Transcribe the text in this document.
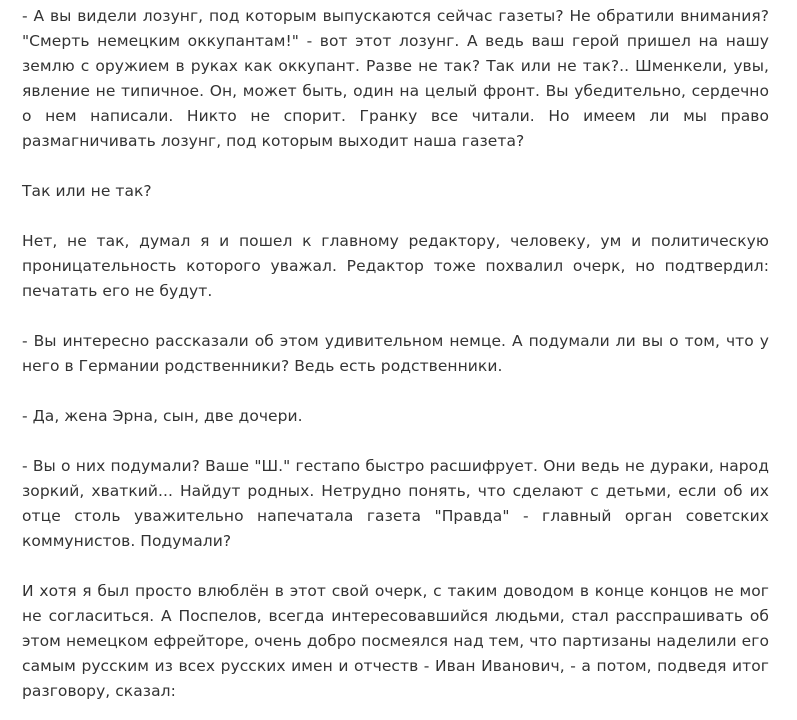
- А вы видели лозунг, под которым выпускаются сейчас газеты? Не обратили внимания? "Смерть немецким оккупантам!" - вот этот лозунг. А ведь ваш герой пришел на нашу землю с оружием в руках как оккупант. Разве не так? Так или не так?.. Шменкели, увы, явление не типичное. Он, может быть, один на целый фронт. Вы убедительно, сердечно о нем написали. Никто не спорит. Гранку все читали. Но имеем ли мы право размагничивать лозунг, под которым выходит наша газета?

Так или не так?

Нет, не так, думал я и пошел к главному редактору, человеку, ум и политическую проницательность которого уважал. Редактор тоже похвалил очерк, но подтвердил: печатать его не будут.

- Вы интересно рассказали об этом удивительном немце. А подумали ли вы о том, что у него в Германии родственники? Ведь есть родственники.

- Да, жена Эрна, сын, две дочери.

- Вы о них подумали? Ваше "Ш." гестапо быстро расшифрует. Они ведь не дураки, народ зоркий, хваткий... Найдут родных. Нетрудно понять, что сделают с детьми, если об их отце столь уважительно напечатала газета "Правда" - главный орган советских коммунистов. Подумали?

И хотя я был просто влюблён в этот свой очерк, с таким доводом в конце концов не мог не согласиться. А Поспелов, всегда интересовавшийся людьми, стал расспрашивать об этом немецком ефрейторе, очень добро посмеялся над тем, что партизаны наделили его самым русским из всех русских имен и отчеств - Иван Иванович, - а потом, подведя итог разговору, сказал:
